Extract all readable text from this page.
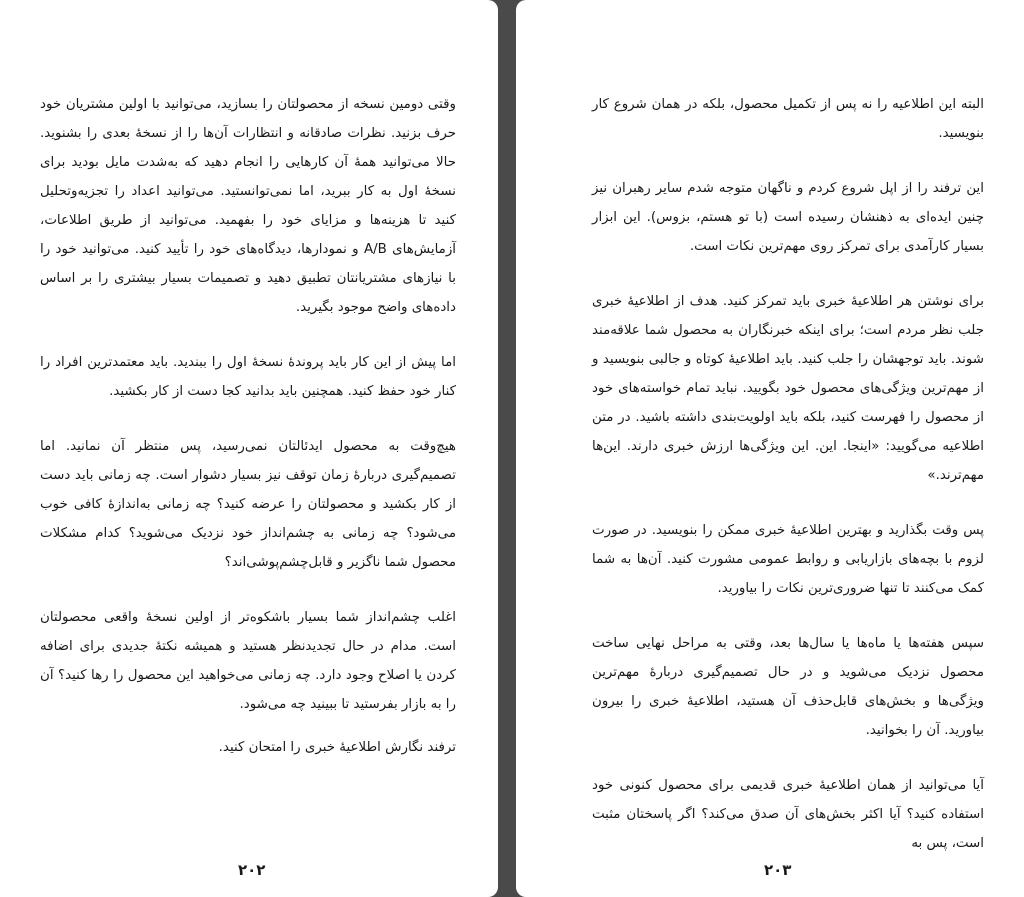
وقتی دومین نسخه از محصولتان را بسازید، می‌توانید با اولین مشتریان خود حرف بزنید. نظرات صادقانه و انتظارات آن‌ها را از نسخهٔ بعدی را بشنوید. حالا می‌توانید همهٔ آن کارهایی را انجام دهید که به‌شدت مایل بودید برای نسخهٔ اول به کار ببرید، اما نمی‌توانستید. می‌توانید اعداد را تجزیه‌وتحلیل کنید تا هزینه‌ها و مزایای خود را بفهمید. می‌توانید از طریق اطلاعات، آزمایش‌های A/B و نمودارها، دیدگاه‌های خود را تأیید کنید. می‌توانید خود را با نیازهای مشتریانتان تطبیق دهید و تصمیمات بسیار بیشتری را بر اساس داده‌های واضح موجود بگیرید.

اما پیش از این کار باید پروندهٔ نسخهٔ اول را ببندید. باید معتمدترین افراد را کنار خود حفظ کنید. همچنین باید بدانید کجا دست از کار بکشید.

هیچ‌وقت به محصول ایدئالتان نمی‌رسید، پس منتظر آن نمانید. اما تصمیم‌گیری دربارهٔ زمان توقف نیز بسیار دشوار است. چه زمانی باید دست از کار بکشید و محصولتان را عرضه کنید؟ چه زمانی به‌اندازهٔ کافی خوب می‌شود؟ چه زمانی به چشم‌انداز خود نزدیک می‌شوید؟ کدام مشکلات محصول شما ناگزیر و قابل‌چشم‌پوشی‌اند؟

اغلب چشم‌انداز شما بسیار باشکوه‌تر از اولین نسخهٔ واقعی محصولتان است. مدام در حال تجدیدنظر هستید و همیشه نکتهٔ جدیدی برای اضافه کردن یا اصلاح وجود دارد. چه زمانی می‌خواهید این محصول را رها کنید؟ آن را به بازار بفرستید تا ببینید چه می‌شود.

ترفند نگارش اطلاعیهٔ خبری را امتحان کنید.

۲۰۲

البته این اطلاعیه را نه پس از تکمیل محصول، بلکه در همان شروع کار بنویسید.

این ترفند را از اپل شروع کردم و ناگهان متوجه شدم سایر رهبران نیز چنین ایده‌ای به ذهنشان رسیده است (با تو هستم، بزوس). این ابزار بسیار کارآمدی برای تمرکز روی مهم‌ترین نکات است.

برای نوشتن هر اطلاعیهٔ خبری باید تمرکز کنید. هدف از اطلاعیهٔ خبری جلب نظر مردم است؛ برای اینکه خبرنگاران به محصول شما علاقه‌مند شوند. باید توجهشان را جلب کنید. باید اطلاعیهٔ کوتاه و جالبی بنویسید و از مهم‌ترین ویژگی‌های محصول خود بگویید. نباید تمام خواسته‌های خود از محصول را فهرست کنید، بلکه باید اولویت‌بندی داشته باشید. در متن اطلاعیه می‌گویید: «اینجا. این. این ویژگی‌ها ارزش خبری دارند. این‌ها مهم‌ترند.»

پس وقت بگذارید و بهترین اطلاعیهٔ خبری ممکن را بنویسید. در صورت لزوم با بچه‌های بازاریابی و روابط عمومی مشورت کنید. آن‌ها به شما کمک می‌کنند تا تنها ضروری‌ترین نکات را بیاورید.

سپس هفته‌ها یا ماه‌ها یا سال‌ها بعد، وقتی به مراحل نهایی ساخت محصول نزدیک می‌شوید و در حال تصمیم‌گیری دربارهٔ مهم‌ترین ویژگی‌ها و بخش‌های قابل‌حذف آن هستید، اطلاعیهٔ خبری را بیرون بیاورید. آن را بخوانید.

آیا می‌توانید از همان اطلاعیهٔ خبری قدیمی برای محصول کنونی خود استفاده کنید؟ آیا اکثر بخش‌های آن صدق می‌کند؟ اگر پاسختان مثبت است، پس به

۲۰۳
